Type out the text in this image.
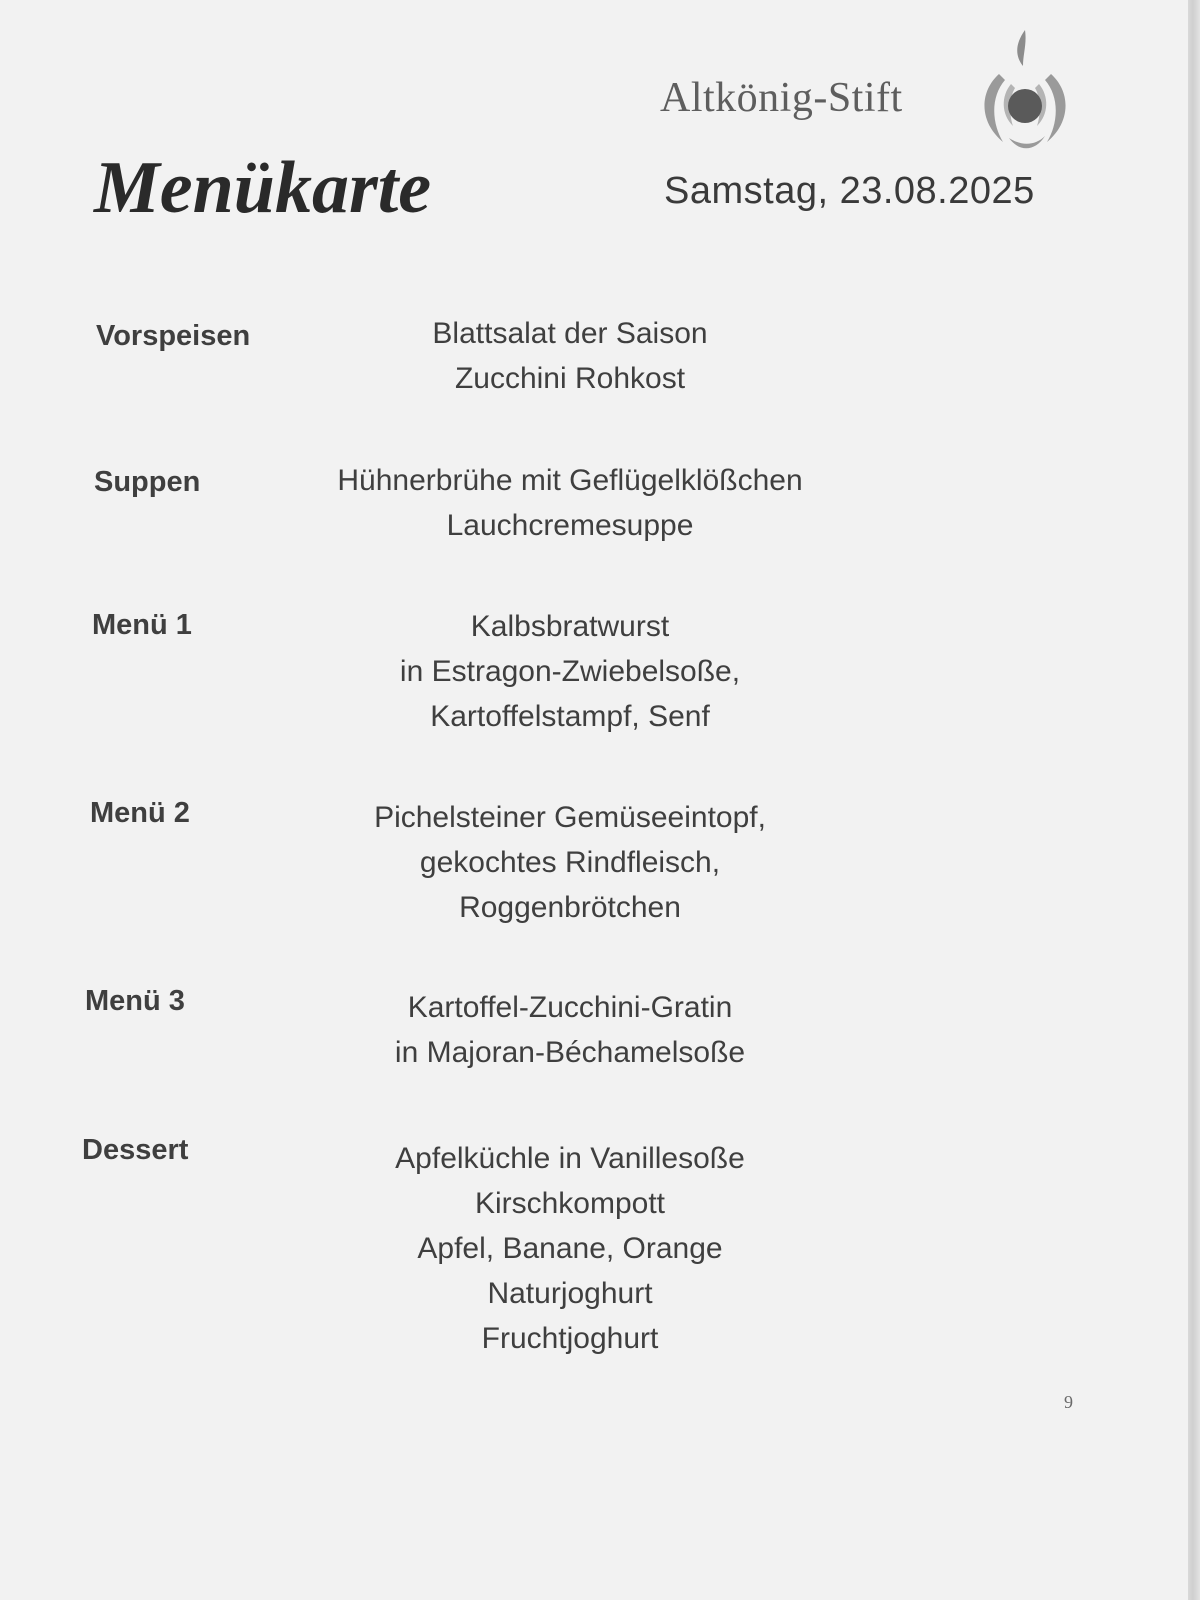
Altkönig-Stift
Menükarte	Samstag, 23.08.2025
Vorspeisen	Blattsalat der Saison
Zucchini Rohkost
Suppen	Hühnerbrühe mit Geflügelklößchen
Lauchcremesuppe
Menü 1	Kalbsbratwurst
in Estragon-Zwiebelsoße,
Kartoffelstampf, Senf
Menü 2	Pichelsteiner Gemüseeintopf,
gekochtes Rindfleisch,
Roggenbrötchen
Menü 3	Kartoffel-Zucchini-Gratin
in Majoran-Béchamelsoße
Dessert	Apfelküchle in Vanillesoße
Kirschkompott
Apfel, Banane, Orange
Naturjoghurt
Fruchtjoghurt
9
